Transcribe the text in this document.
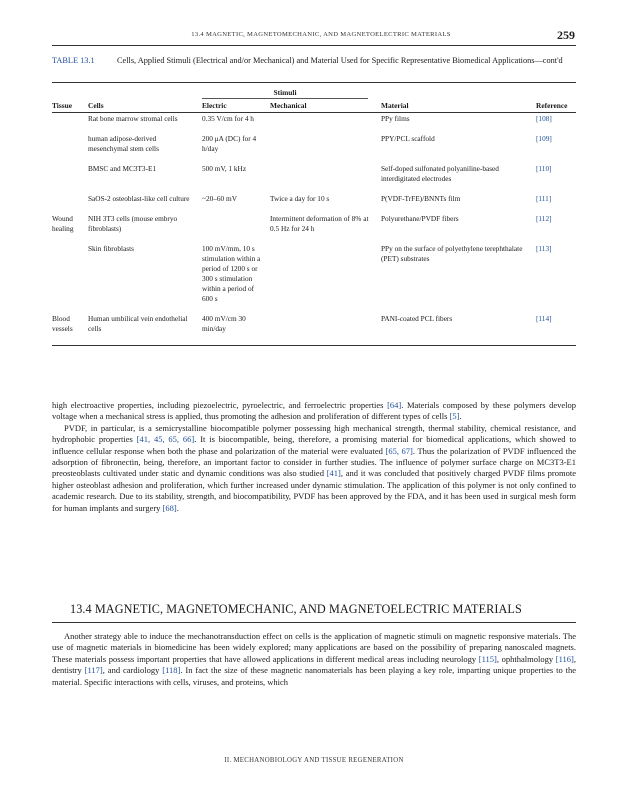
13.4 MAGNETIC, MAGNETOMECHANIC, AND MAGNETOELECTRIC MATERIALS	259
TABLE 13.1	Cells, Applied Stimuli (Electrical and/or Mechanical) and Material Used for Specific Representative Biomedical Applications—cont'd
Stimuli
Tissue Cells	Electric	Mechanical	Material	Reference
	Rat bone marrow stromal cells	0.35 V/cm for 4 h		PPy films	[108]
	human adipose-derived mesenchymal stem cells	200 μA (DC) for 4 h/day		PPY/PCL scaffold	[109]
	BMSC and MC3T3-E1	500 mV, 1 kHz		Self-doped sulfonated polyaniline-based interdigitated electrodes	[110]
	SaOS-2 osteoblast-like cell culture	~20–60 mV	Twice a day for 10 s	P(VDF-TrFE)/BNNTs film	[111]
Wound healing	NIH 3T3 cells (mouse embryo fibroblasts)		Intermittent deformation of 8% at 0.5 Hz for 24 h	Polyurethane/PVDF fibers	[112]
	Skin fibroblasts	100 mV/mm, 10 s stimulation within a period of 1200 s or 300 s stimulation within a period of 600 s		PPy on the surface of polyethylene terephthalate (PET) substrates	[113]
Blood vessels	Human umbilical vein endothelial cells	400 mV/cm 30 min/day		PANI-coated PCL fibers	[114]

high electroactive properties, including piezoelectric, pyroelectric, and ferroelectric properties [64]. Materials composed by these polymers develop voltage when a mechanical stress is applied, thus promoting the adhesion and proliferation of different types of cells [5].

PVDF, in particular, is a semicrystalline biocompatible polymer possessing high mechanical strength, thermal stability, chemical resistance, and hydrophobic properties [41, 45, 65, 66]. It is biocompatible, being, therefore, a promising material for biomedical applications, which showed to influence cellular response when both the phase and polarization of the material were evaluated [65, 67]. Thus the polarization of PVDF influenced the adsorption of fibronectin, being, therefore, an important factor to consider in further studies. The influence of polymer surface charge on MC3T3-E1 preosteoblasts cultivated under static and dynamic conditions was also studied [41], and it was concluded that positively charged PVDF films promote higher osteoblast adhesion and proliferation, which further increased under dynamic stimulation. The application of this polymer is not only confined to academic research. Due to its stability, strength, and biocompatibility, PVDF has been approved by the FDA, and it has been used in surgical mesh form for human implants and surgery [68].

13.4 MAGNETIC, MAGNETOMECHANIC, AND MAGNETOELECTRIC MATERIALS

Another strategy able to induce the mechanotransduction effect on cells is the application of magnetic stimuli on magnetic responsive materials. The use of magnetic materials in biomedicine has been widely explored; many applications are based on the possibility of preparing nanoscaled magnets. These materials possess important properties that have allowed applications in different medical areas including neurology [115], ophthalmology [116], dentistry [117], and cardiology [118]. In fact the size of these magnetic nanomaterials has been playing a key role, imparting unique properties to the material. Specific interactions with cells, viruses, and proteins, which

II. MECHANOBIOLOGY AND TISSUE REGENERATION
